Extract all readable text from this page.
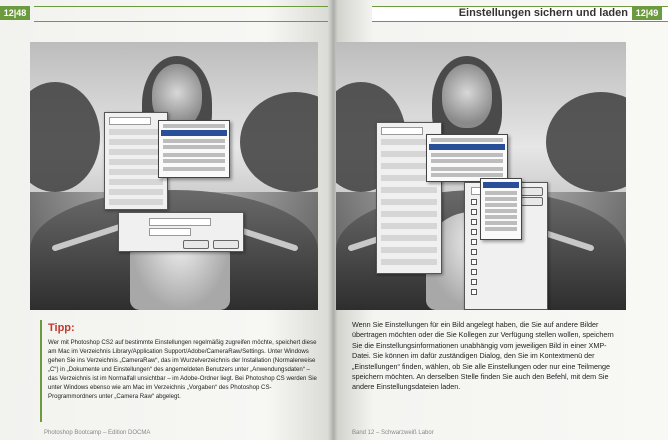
12|48	Einstellungen sichern und laden 12|49
Tipp:
Wer mit Photoshop CS2 auf bestimmte Einstellungen regelmäßig zugreifen möchte, speichert diese am Mac im Verzeichnis Library/Application Support/Adobe/CameraRaw/Settings. Unter Windows gehen Sie ins Verzeichnis „CameraRaw“, das im Wurzelverzeichnis der Installation (Normalerweise „C“) in „Dokumente und Einstellungen“ des angemeldeten Benutzers unter „Anwendungsdaten“ – das Verzeichnis ist im Normalfall unsichtbar – im Adobe-Ordner liegt. Bei Photoshop CS werden Sie unter Windows ebenso wie am Mac im Verzeichnis „Vorgaben“ des Photoshop CS-Programmordners unter „Camera Raw“ abgelegt.
Wenn Sie Einstellungen für ein Bild angelegt haben, die Sie auf andere Bilder übertragen möchten oder die Sie Kollegen zur Verfügung stellen wollen, speichern Sie die Einstellungsinformationen unabhängig vom jeweiligen Bild in einer XMP-Datei. Sie können im dafür zuständigen Dialog, den Sie im Kontextmenü der „Einstellungen“ finden, wählen, ob Sie alle Einstellungen oder nur eine Teilmenge speichern möchten. An derselben Stelle finden Sie auch den Befehl, mit dem Sie andere Einstellungsdateien laden.
Photoshop Bootcamp – Edition DOCMA	Band 12 – Schwarzweiß Labor
